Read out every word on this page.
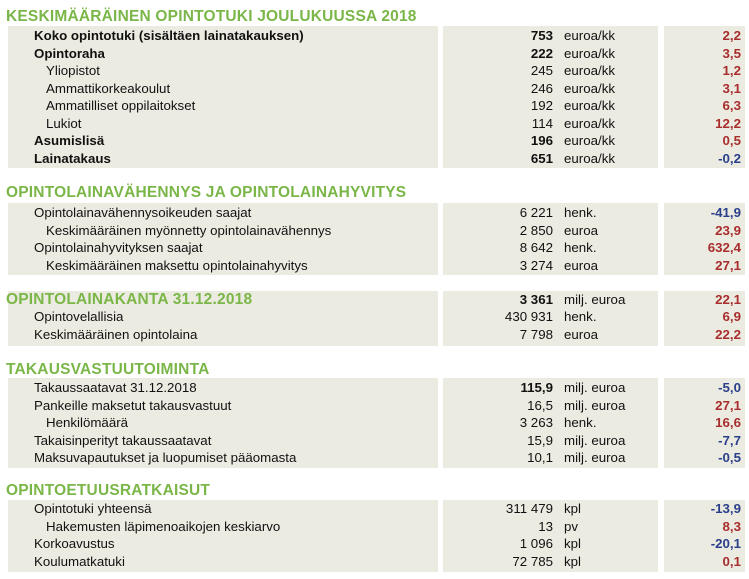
KESKIMÄÄRÄINEN OPINTOTUKI JOULUKUUSSA 2018
Koko opintotuki (sisältäen lainatakauksen)	753 euroa/kk	2,2
Opintoraha	222 euroa/kk	3,5
Yliopistot	245 euroa/kk	1,2
Ammattikorkeakoulut	246 euroa/kk	3,1
Ammatilliset oppilaitokset	192 euroa/kk	6,3
Lukiot	114 euroa/kk	12,2
Asumislisä	196 euroa/kk	0,5
Lainatakaus	651 euroa/kk	-0,2
OPINTOLAINAVÄHENNYS JA OPINTOLAINAHYVITYS
Opintolainavähennysoikeuden saajat	6 221 henk.	-41,9
Keskimääräinen myönnetty opintolainavähennys	2 850 euroa	23,9
Opintolainahyvityksen saajat	8 642 henk.	632,4
Keskimääräinen maksettu opintolainahyvitys	3 274 euroa	27,1
OPINTOLAINAKANTA 31.12.2018	3 361 milj. euroa	22,1
Opintovelallisia	430 931 henk.	6,9
Keskimääräinen opintolaina	7 798 euroa	22,2
TAKAUSVASTUUTOIMINTA
Takaussaatavat 31.12.2018	115,9 milj. euroa	-5,0
Pankeille maksetut takausvastuut	16,5 milj. euroa	27,1
Henkilömäärä	3 263 henk.	16,6
Takaisinperityt takaussaatavat	15,9 milj. euroa	-7,7
Maksuvapautukset ja luopumiset pääomasta	10,1 milj. euroa	-0,5
OPINTOETUUSRATKAISUT
Opintotuki yhteensä	311 479 kpl	-13,9
Hakemusten läpimenoaikojen keskiarvo	13 pv	8,3
Korkoavustus	1 096 kpl	-20,1
Koulumatkatuki	72 785 kpl	0,1
